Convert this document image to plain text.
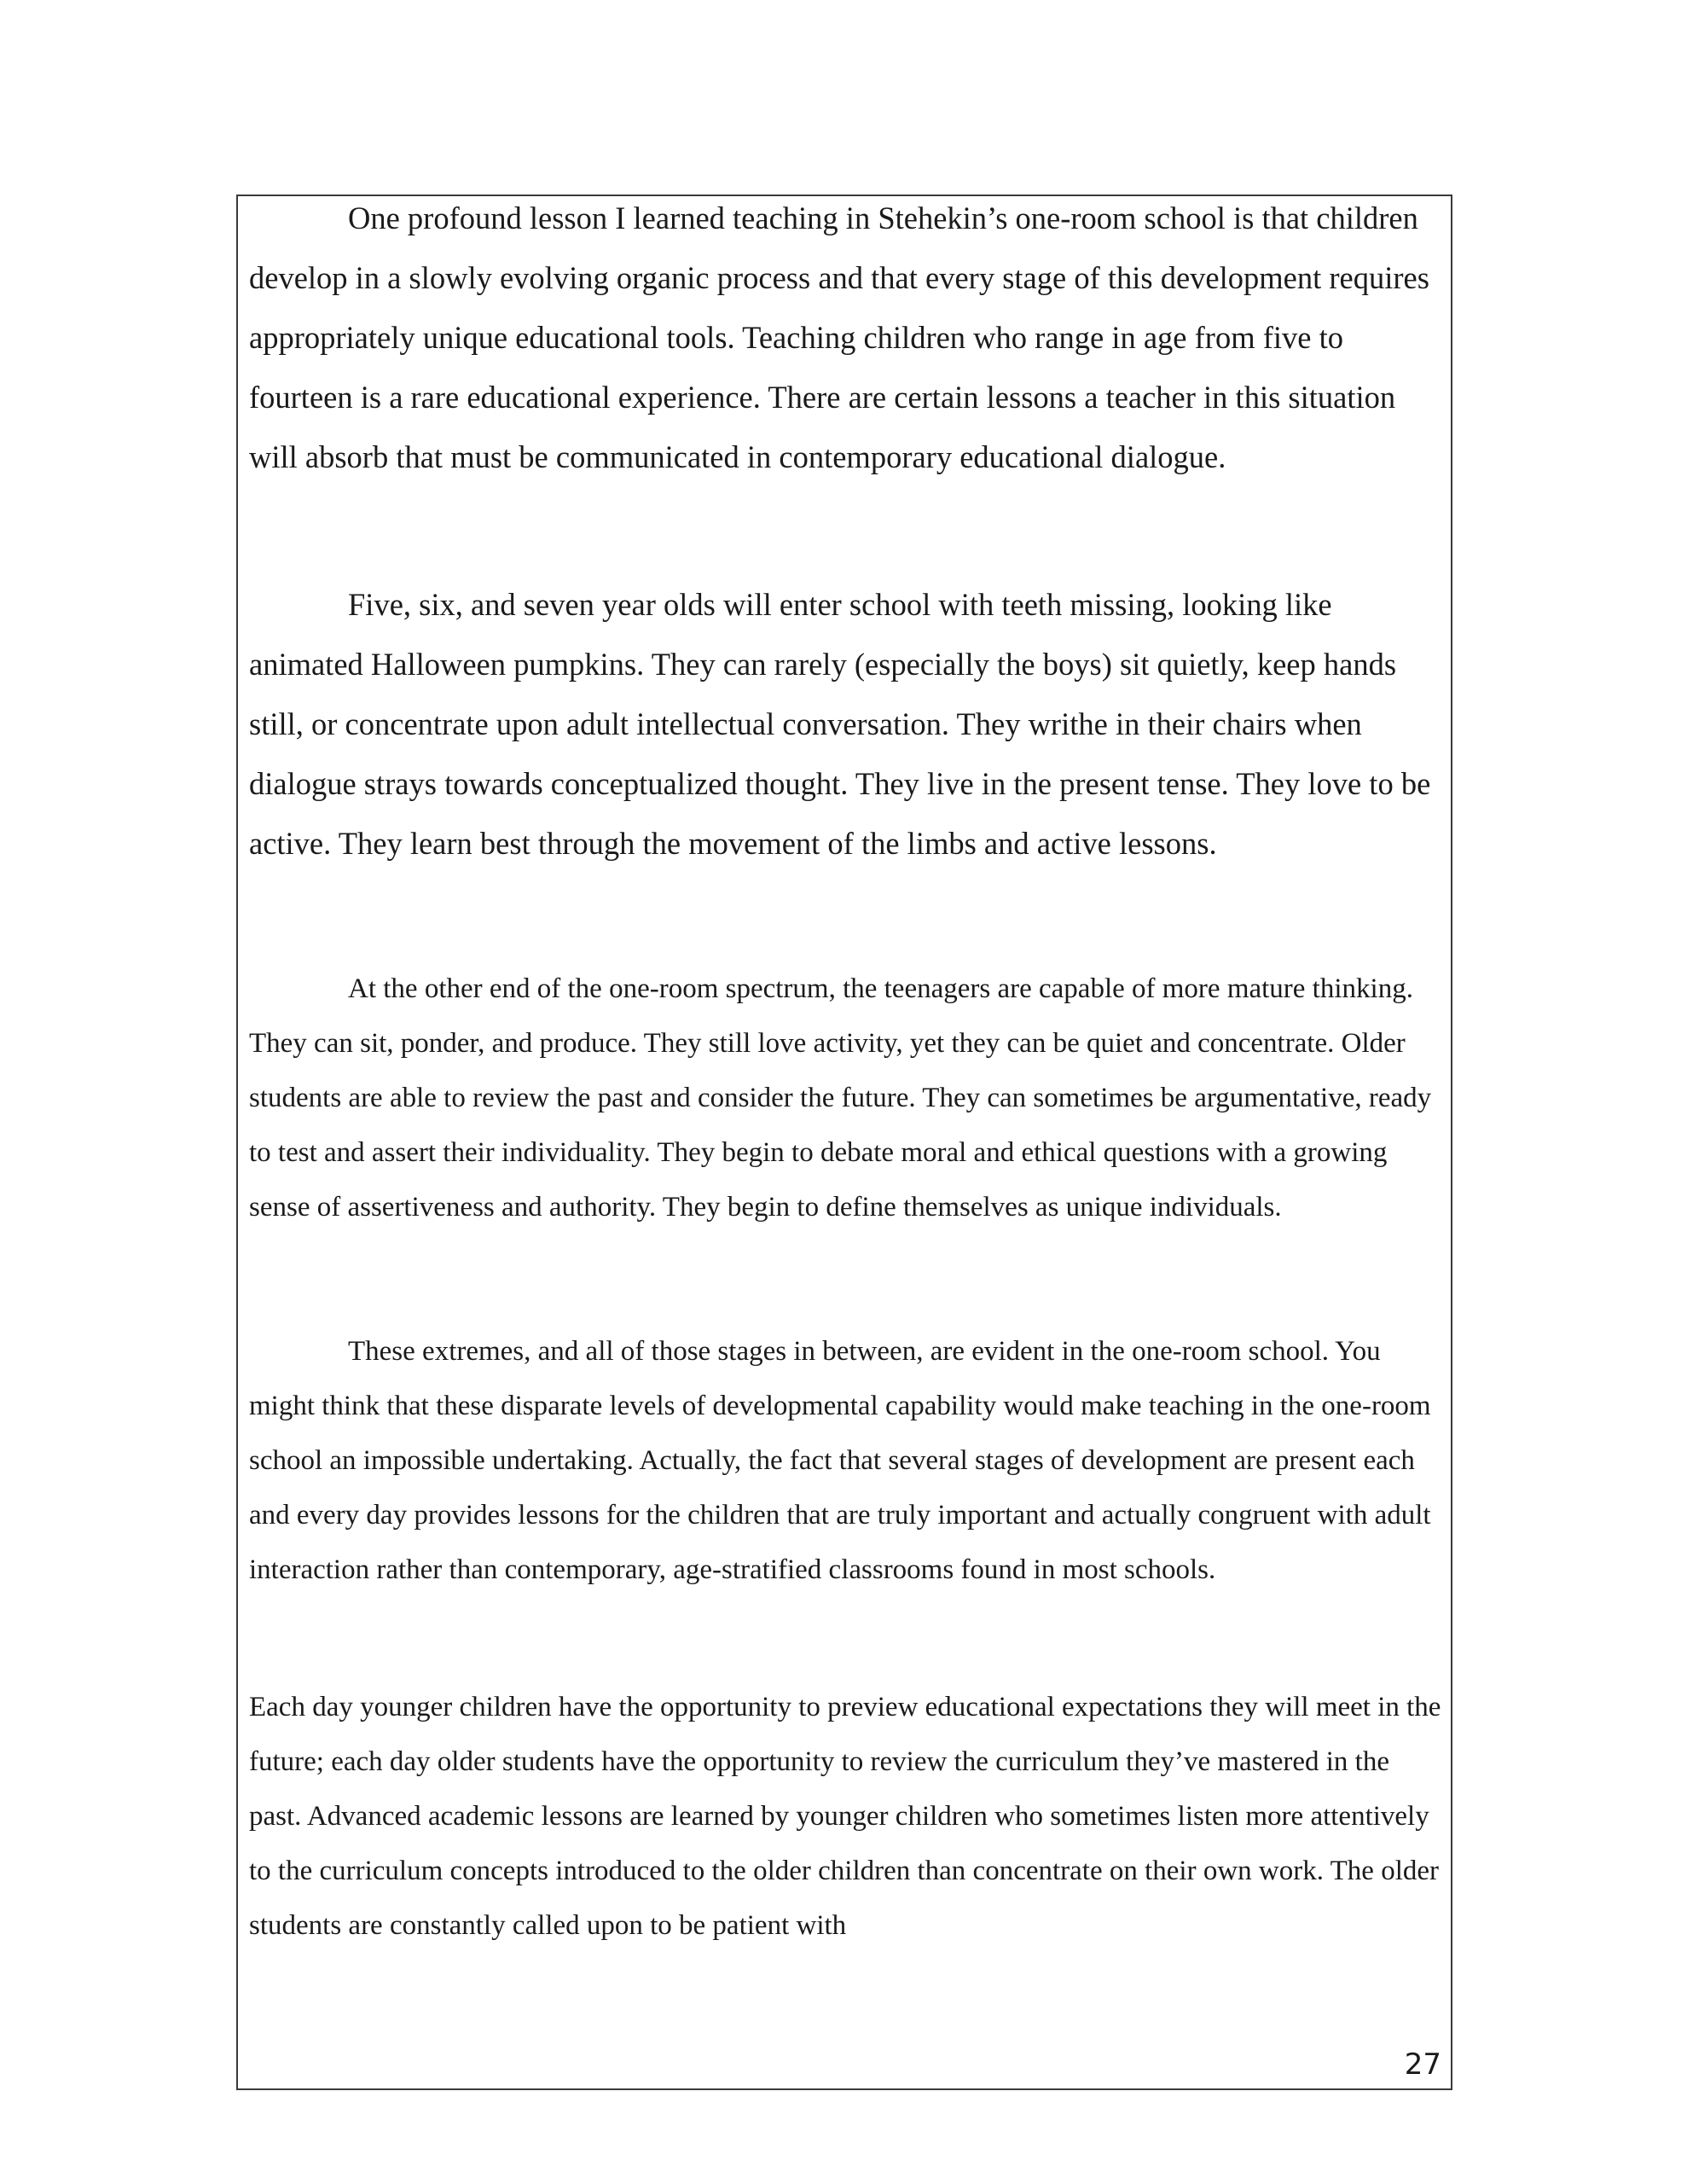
One profound lesson I learned teaching in Stehekin’s one-room school is that children develop in a slowly evolving organic process and that every stage of this development requires appropriately unique educational tools. Teaching children who range in age from five to fourteen is a rare educational experience. There are certain lessons a teacher in this situation will absorb that must be communicated in contemporary educational dialogue.

Five, six, and seven year olds will enter school with teeth missing, looking like animated Halloween pumpkins. They can rarely (especially the boys) sit quietly, keep hands still, or concentrate upon adult intellectual conversation. They writhe in their chairs when dialogue strays towards conceptualized thought. They live in the present tense. They love to be active. They learn best through the movement of the limbs and active lessons.

At the other end of the one-room spectrum, the teenagers are capable of more mature thinking. They can sit, ponder, and produce. They still love activity, yet they can be quiet and concentrate. Older students are able to review the past and consider the future. They can sometimes be argumentative, ready to test and assert their individuality. They begin to debate moral and ethical questions with a growing sense of assertiveness and authority. They begin to define themselves as unique individuals.

These extremes, and all of those stages in between, are evident in the one-room school. You might think that these disparate levels of developmental capability would make teaching in the one-room school an impossible undertaking. Actually, the fact that several stages of development are present each and every day provides lessons for the children that are truly important and actually congruent with adult interaction rather than contemporary, age-stratified classrooms found in most schools.

Each day younger children have the opportunity to preview educational expectations they will meet in the future; each day older students have the opportunity to review the curriculum they’ve mastered in the past. Advanced academic lessons are learned by younger children who sometimes listen more attentively to the curriculum concepts introduced to the older children than concentrate on their own work. The older students are constantly called upon to be patient with

27
